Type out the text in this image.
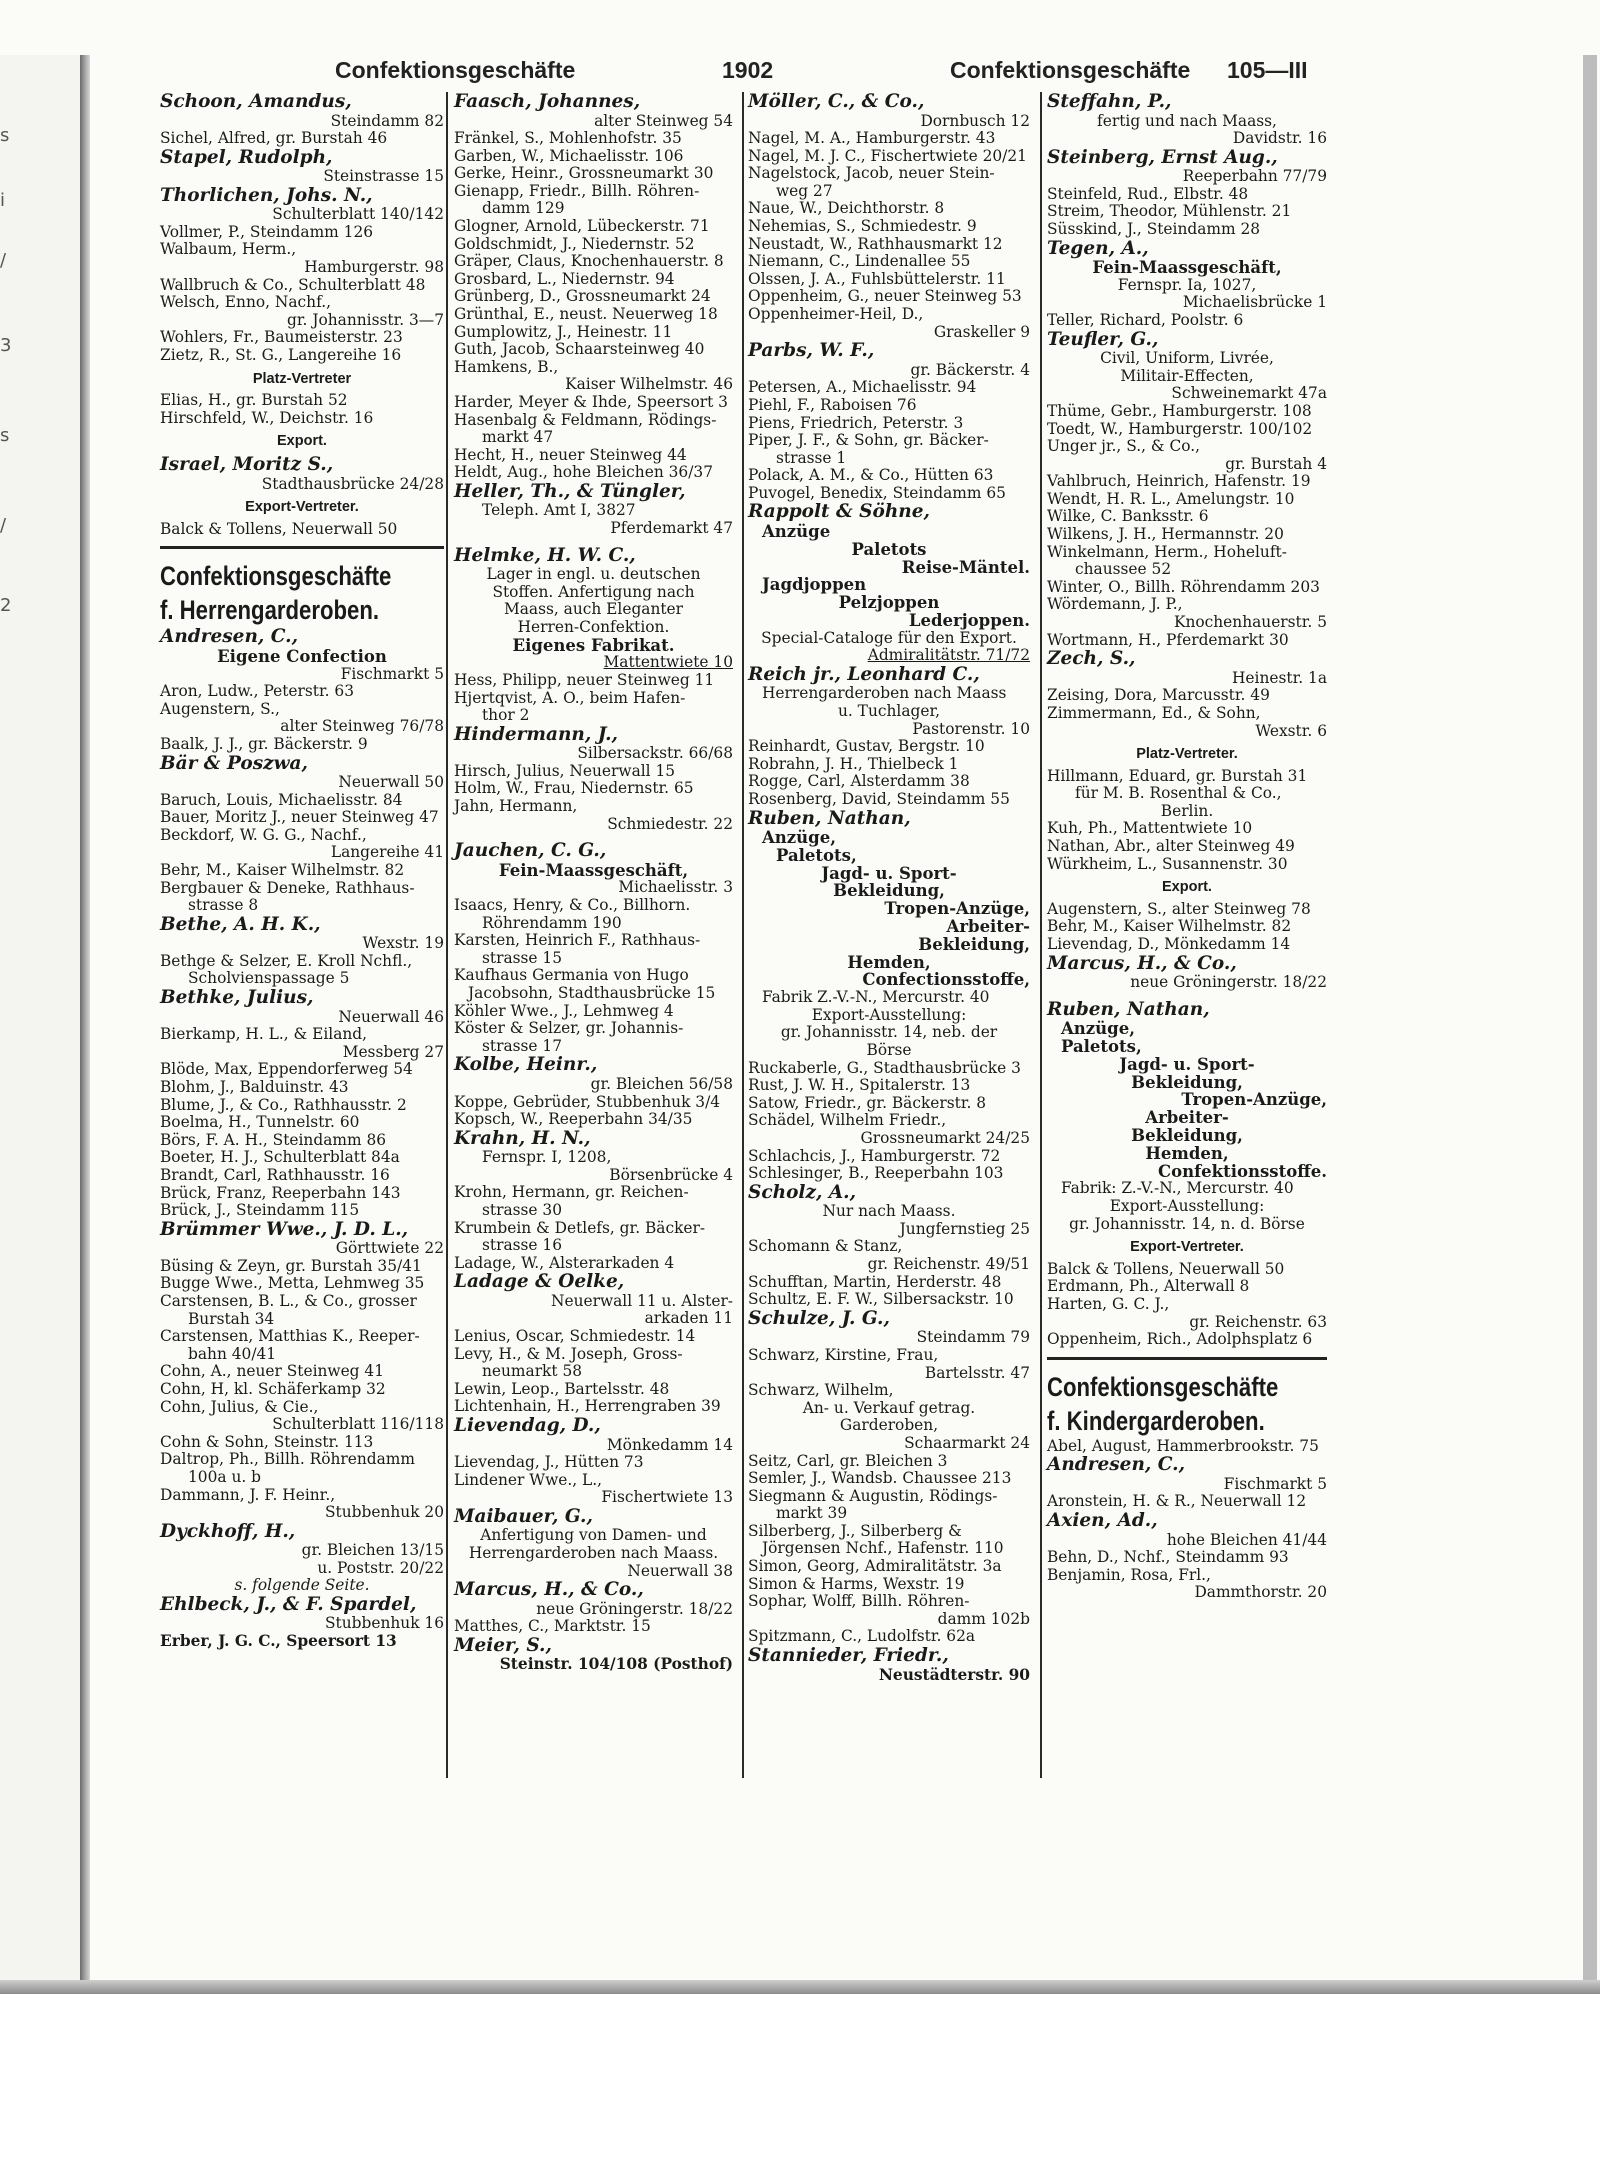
s
i
/
3
s
/
2
Confektionsgeschäfte	1902	Confektionsgeschäfte 105—III
Schoon, Amandus,
Steindamm 82
Sichel, Alfred, gr. Burstah 46
Stapel, Rudolph,
Steinstrasse 15
Thorlichen, Johs. N.,
Schulterblatt 140/142
Vollmer, P., Steindamm 126
Walbaum, Herm.,
Hamburgerstr. 98
Wallbruch & Co., Schulterblatt 48
Welsch, Enno, Nachf.,
gr. Johannisstr. 3—7
Wohlers, Fr., Baumeisterstr. 23
Zietz, R., St. G., Langereihe 16
Platz-Vertreter
Elias, H., gr. Burstah 52
Hirschfeld, W., Deichstr. 16
Export.
Israel, Moritz S.,
Stadthausbrücke 24/28
Export-Vertreter.
Balck & Tollens, Neuerwall 50
Confektionsgeschäfte
f. Herrengarderoben.
Andresen, C.,
Eigene Confection
Fischmarkt 5
Aron, Ludw., Peterstr. 63
Augenstern, S.,
alter Steinweg 76/78
Baalk, J. J., gr. Bäckerstr. 9
Bär & Poszwa,
Neuerwall 50
Baruch, Louis, Michaelisstr. 84
Bauer, Moritz J., neuer Steinweg 47
Beckdorf, W. G. G., Nachf.,
Langereihe 41
Behr, M., Kaiser Wilhelmstr. 82
Bergbauer & Deneke, Rathhaus-
strasse 8
Bethe, A. H. K.,
Wexstr. 19
Bethge & Selzer, E. Kroll Nchfl.,
Scholvienspassage 5
Bethke, Julius,
Neuerwall 46
Bierkamp, H. L., & Eiland,
Messberg 27
Blöde, Max, Eppendorferweg 54
Blohm, J., Balduinstr. 43
Blume, J., & Co., Rathhausstr. 2
Boelma, H., Tunnelstr. 60
Börs, F. A. H., Steindamm 86
Boeter, H. J., Schulterblatt 84a
Brandt, Carl, Rathhausstr. 16
Brück, Franz, Reeperbahn 143
Brück, J., Steindamm 115
Brümmer Wwe., J. D. L.,
Görttwiete 22
Büsing & Zeyn, gr. Burstah 35/41
Bugge Wwe., Metta, Lehmweg 35
Carstensen, B. L., & Co., grosser
Burstah 34
Carstensen, Matthias K., Reeper-
bahn 40/41
Cohn, A., neuer Steinweg 41
Cohn, H, kl. Schäferkamp 32
Cohn, Julius, & Cie.,
Schulterblatt 116/118
Cohn & Sohn, Steinstr. 113
Daltrop, Ph., Billh. Röhrendamm
100a u. b
Dammann, J. F. Heinr.,
Stubbenhuk 20
Dyckhoff, H.,
gr. Bleichen 13/15
u. Poststr. 20/22
s. folgende Seite.
Ehlbeck, J., & F. Spardel,
Stubbenhuk 16
Erber, J. G. C., Speersort 13
Faasch, Johannes,
alter Steinweg 54
Fränkel, S., Mohlenhofstr. 35
Garben, W., Michaelisstr. 106
Gerke, Heinr., Grossneumarkt 30
Gienapp, Friedr., Billh. Röhren-
damm 129
Glogner, Arnold, Lübeckerstr. 71
Goldschmidt, J., Niedernstr. 52
Gräper, Claus, Knochenhauerstr. 8
Grosbard, L., Niedernstr. 94
Grünberg, D., Grossneumarkt 24
Grünthal, E., neust. Neuerweg 18
Gumplowitz, J., Heinestr. 11
Guth, Jacob, Schaarsteinweg 40
Hamkens, B.,
Kaiser Wilhelmstr. 46
Harder, Meyer & Ihde, Speersort 3
Hasenbalg & Feldmann, Rödings-
markt 47
Hecht, H., neuer Steinweg 44
Heldt, Aug., hohe Bleichen 36/37
Heller, Th., & Tüngler,
Teleph. Amt I, 3827
Pferdemarkt 47
Helmke, H. W. C.,
Lager in engl. u. deutschen
Stoffen. Anfertigung nach
Maass, auch Eleganter
Herren-Confektion.
Eigenes Fabrikat.
Mattentwiete 10
Hess, Philipp, neuer Steinweg 11
Hjertqvist, A. O., beim Hafen-
thor 2
Hindermann, J.,
Silbersackstr. 66/68
Hirsch, Julius, Neuerwall 15
Holm, W., Frau, Niedernstr. 65
Jahn, Hermann,
Schmiedestr. 22
Jauchen, C. G.,
Fein-Maassgeschäft,
Michaelisstr. 3
Isaacs, Henry, & Co., Billhorn.
Röhrendamm 190
Karsten, Heinrich F., Rathhaus-
strasse 15
Kaufhaus Germania von Hugo
Jacobsohn, Stadthausbrücke 15
Köhler Wwe., J., Lehmweg 4
Köster & Selzer, gr. Johannis-
strasse 17
Kolbe, Heinr.,
gr. Bleichen 56/58
Koppe, Gebrüder, Stubbenhuk 3/4
Kopsch, W., Reeperbahn 34/35
Krahn, H. N.,
Fernspr. I, 1208,
Börsenbrücke 4
Krohn, Hermann, gr. Reichen-
strasse 30
Krumbein & Detlefs, gr. Bäcker-
strasse 16
Ladage, W., Alsterarkaden 4
Ladage & Oelke,
Neuerwall 11 u. Alster-
arkaden 11
Lenius, Oscar, Schmiedestr. 14
Levy, H., & M. Joseph, Gross-
neumarkt 58
Lewin, Leop., Bartelsstr. 48
Lichtenhain, H., Herrengraben 39
Lievendag, D.,
Mönkedamm 14
Lievendag, J., Hütten 73
Lindener Wwe., L.,
Fischertwiete 13
Maibauer, G.,
Anfertigung von Damen- und
Herrengarderoben nach Maass.
Neuerwall 38
Marcus, H., & Co.,
neue Gröningerstr. 18/22
Matthes, C., Marktstr. 15
Meier, S.,
Steinstr. 104/108 (Posthof)
Möller, C., & Co.,
Dornbusch 12
Nagel, M. A., Hamburgerstr. 43
Nagel, M. J. C., Fischertwiete 20/21
Nagelstock, Jacob, neuer Stein-
weg 27
Naue, W., Deichthorstr. 8
Nehemias, S., Schmiedestr. 9
Neustadt, W., Rathhausmarkt 12
Niemann, C., Lindenallee 55
Olssen, J. A., Fuhlsbüttelerstr. 11
Oppenheim, G., neuer Steinweg 53
Oppenheimer-Heil, D.,
Graskeller 9
Parbs, W. F.,
gr. Bäckerstr. 4
Petersen, A., Michaelisstr. 94
Piehl, F., Raboisen 76
Piens, Friedrich, Peterstr. 3
Piper, J. F., & Sohn, gr. Bäcker-
strasse 1
Polack, A. M., & Co., Hütten 63
Puvogel, Benedix, Steindamm 65
Rappolt & Söhne,
Anzüge
Paletots
Reise-Mäntel.
Jagdjoppen
Pelzjoppen
Lederjoppen.
Special-Cataloge für den Export.
Admiralitätstr. 71/72
Reich jr., Leonhard C.,
Herrengarderoben nach Maass
u. Tuchlager,
Pastorenstr. 10
Reinhardt, Gustav, Bergstr. 10
Robrahn, J. H., Thielbeck 1
Rogge, Carl, Alsterdamm 38
Rosenberg, David, Steindamm 55
Ruben, Nathan,
Anzüge,
Paletots,
Jagd- u. Sport-
Bekleidung,
Tropen-Anzüge,
Arbeiter-
Bekleidung,
Hemden,
Confectionsstoffe,
Fabrik Z.-V.-N., Mercurstr. 40
Export-Ausstellung:
gr. Johannisstr. 14, neb. der
Börse
Ruckaberle, G., Stadthausbrücke 3
Rust, J. W. H., Spitalerstr. 13
Satow, Friedr., gr. Bäckerstr. 8
Schädel, Wilhelm Friedr.,
Grossneumarkt 24/25
Schlachcis, J., Hamburgerstr. 72
Schlesinger, B., Reeperbahn 103
Scholz, A.,
Nur nach Maass.
Jungfernstieg 25
Schomann & Stanz,
gr. Reichenstr. 49/51
Schufftan, Martin, Herderstr. 48
Schultz, E. F. W., Silbersackstr. 10
Schulze, J. G.,
Steindamm 79
Schwarz, Kirstine, Frau,
Bartelsstr. 47
Schwarz, Wilhelm,
An- u. Verkauf getrag.
Garderoben,
Schaarmarkt 24
Seitz, Carl, gr. Bleichen 3
Semler, J., Wandsb. Chaussee 213
Siegmann & Augustin, Rödings-
markt 39
Silberberg, J., Silberberg &
Jörgensen Nchf., Hafenstr. 110
Simon, Georg, Admiralitätstr. 3a
Simon & Harms, Wexstr. 19
Sophar, Wolff, Billh. Röhren-
damm 102b
Spitzmann, C., Ludolfstr. 62a
Stannieder, Friedr.,
Neustädterstr. 90
Steffahn, P.,
fertig und nach Maass,
Davidstr. 16
Steinberg, Ernst Aug.,
Reeperbahn 77/79
Steinfeld, Rud., Elbstr. 48
Streim, Theodor, Mühlenstr. 21
Süsskind, J., Steindamm 28
Tegen, A.,
Fein-Maassgeschäft,
Fernspr. Ia, 1027,
Michaelisbrücke 1
Teller, Richard, Poolstr. 6
Teufler, G.,
Civil, Uniform, Livrée,
Militair-Effecten,
Schweinemarkt 47a
Thüme, Gebr., Hamburgerstr. 108
Toedt, W., Hamburgerstr. 100/102
Unger jr., S., & Co.,
gr. Burstah 4
Vahlbruch, Heinrich, Hafenstr. 19
Wendt, H. R. L., Amelungstr. 10
Wilke, C. Banksstr. 6
Wilkens, J. H., Hermannstr. 20
Winkelmann, Herm., Hoheluft-
chaussee 52
Winter, O., Billh. Röhrendamm 203
Wördemann, J. P.,
Knochenhauerstr. 5
Wortmann, H., Pferdemarkt 30
Zech, S.,
Heinestr. 1a
Zeising, Dora, Marcusstr. 49
Zimmermann, Ed., & Sohn,
Wexstr. 6
Platz-Vertreter.
Hillmann, Eduard, gr. Burstah 31
für M. B. Rosenthal & Co.,
Berlin.
Kuh, Ph., Mattentwiete 10
Nathan, Abr., alter Steinweg 49
Würkheim, L., Susannenstr. 30
Export.
Augenstern, S., alter Steinweg 78
Behr, M., Kaiser Wilhelmstr. 82
Lievendag, D., Mönkedamm 14
Marcus, H., & Co.,
neue Gröningerstr. 18/22
Ruben, Nathan,
Anzüge,
Paletots,
Jagd- u. Sport-
Bekleidung,
Tropen-Anzüge,
Arbeiter-
Bekleidung,
Hemden,
Confektionsstoffe.
Fabrik: Z.-V.-N., Mercurstr. 40
Export-Ausstellung:
gr. Johannisstr. 14, n. d. Börse
Export-Vertreter.
Balck & Tollens, Neuerwall 50
Erdmann, Ph., Alterwall 8
Harten, G. C. J.,
gr. Reichenstr. 63
Oppenheim, Rich., Adolphsplatz 6
Confektionsgeschäfte
f. Kindergarderoben.
Abel, August, Hammerbrookstr. 75
Andresen, C.,
Fischmarkt 5
Aronstein, H. & R., Neuerwall 12
Axien, Ad.,
hohe Bleichen 41/44
Behn, D., Nchf., Steindamm 93
Benjamin, Rosa, Frl.,
Dammthorstr. 20
